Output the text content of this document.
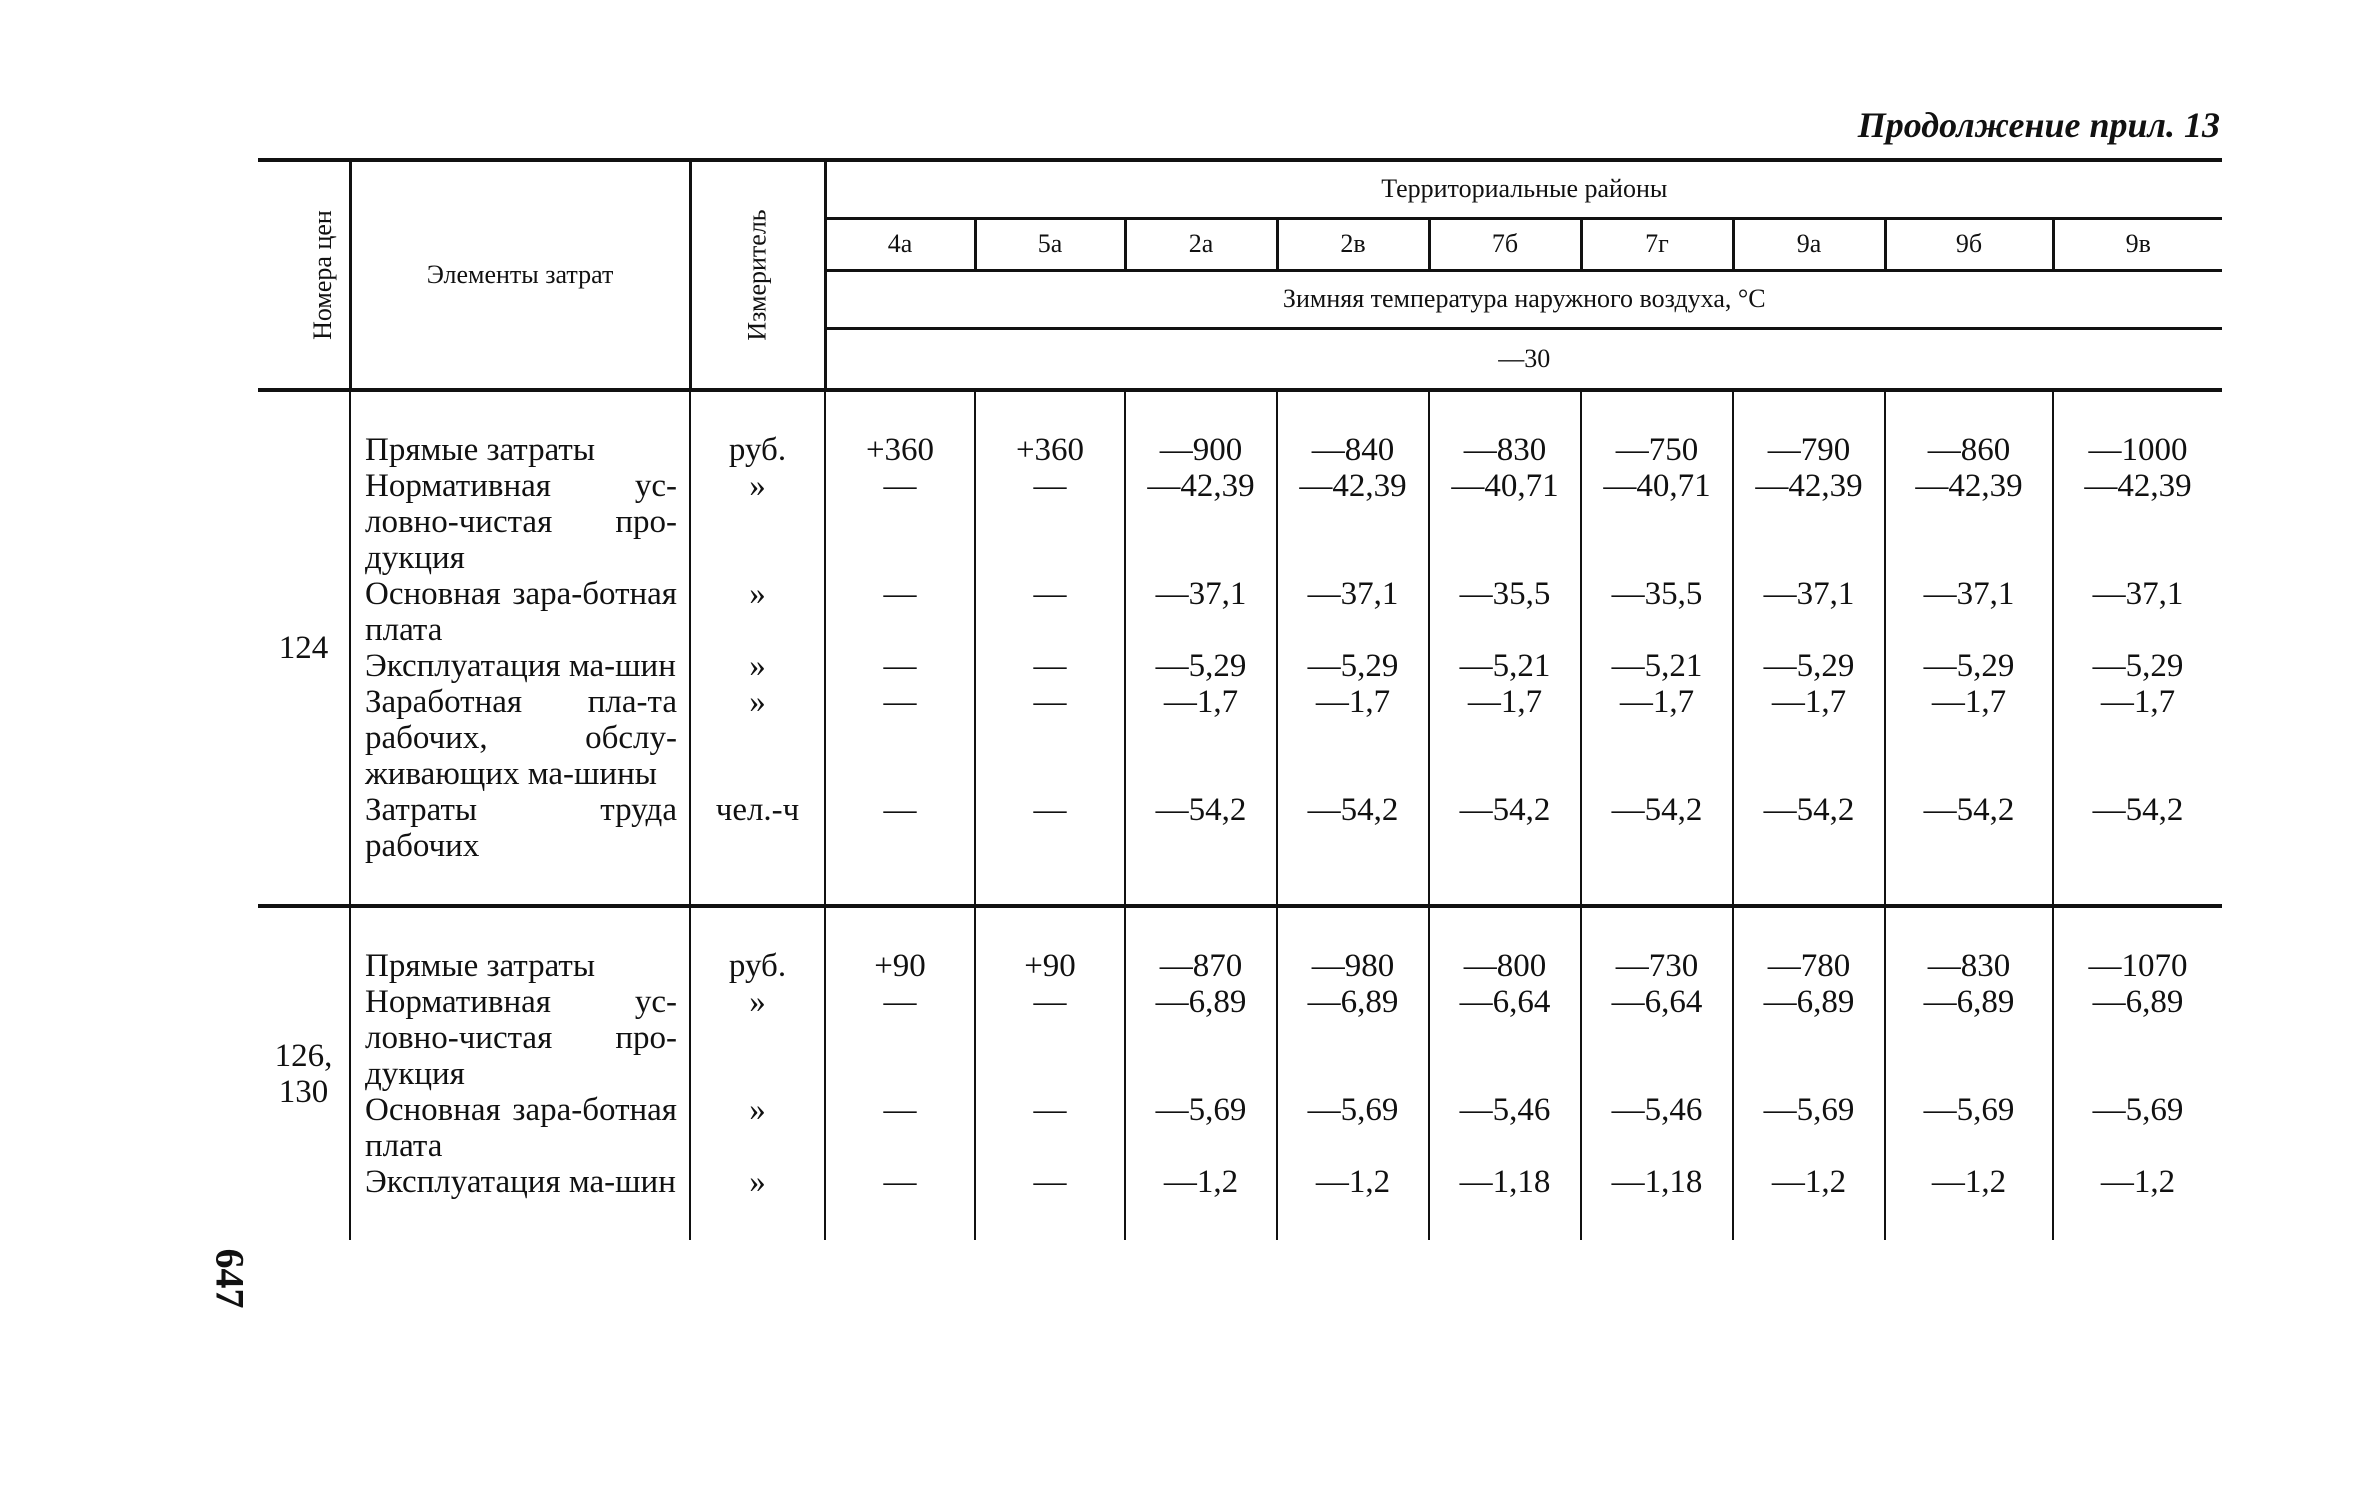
Продолжение прил. 13
647
Номера цен	Элементы затрат	Измеритель	Территориальные районы								
			4а	5а	2а	2в	7б	7г	9а	9б	9в
			Зимняя температура наружного воздуха, °С								
			—30								

124	Прямые затраты	руб.	+360	+360	—900	—840	—830	—750	—790	—860	—1000
	Нормативная ус-ловно-чистая про-дукция	»	—	—	—42,39	—42,39	—40,71	—40,71	—42,39	—42,39	—42,39
	Основная зара-ботная плата	»	—	—	—37,1	—37,1	—35,5	—35,5	—37,1	—37,1	—37,1
	Эксплуатация ма-шин	»	—	—	—5,29	—5,29	—5,21	—5,21	—5,29	—5,29	—5,29
	Заработная пла-та рабочих, обслу-живающих ма-шины	»	—	—	—1,7	—1,7	—1,7	—1,7	—1,7	—1,7	—1,7
	Затраты труда рабочих	чел.-ч	—	—	—54,2	—54,2	—54,2	—54,2	—54,2	—54,2	—54,2

126, 130	Прямые затраты	руб.	+90	+90	—870	—980	—800	—730	—780	—830	—1070
	Нормативная ус-ловно-чистая про-дукция	»	—	—	—6,89	—6,89	—6,64	—6,64	—6,89	—6,89	—6,89
	Основная зара-ботная плата	»	—	—	—5,69	—5,69	—5,46	—5,46	—5,69	—5,69	—5,69
	Эксплуатация ма-шин	»	—	—	—1,2	—1,2	—1,18	—1,18	—1,2	—1,2	—1,2
